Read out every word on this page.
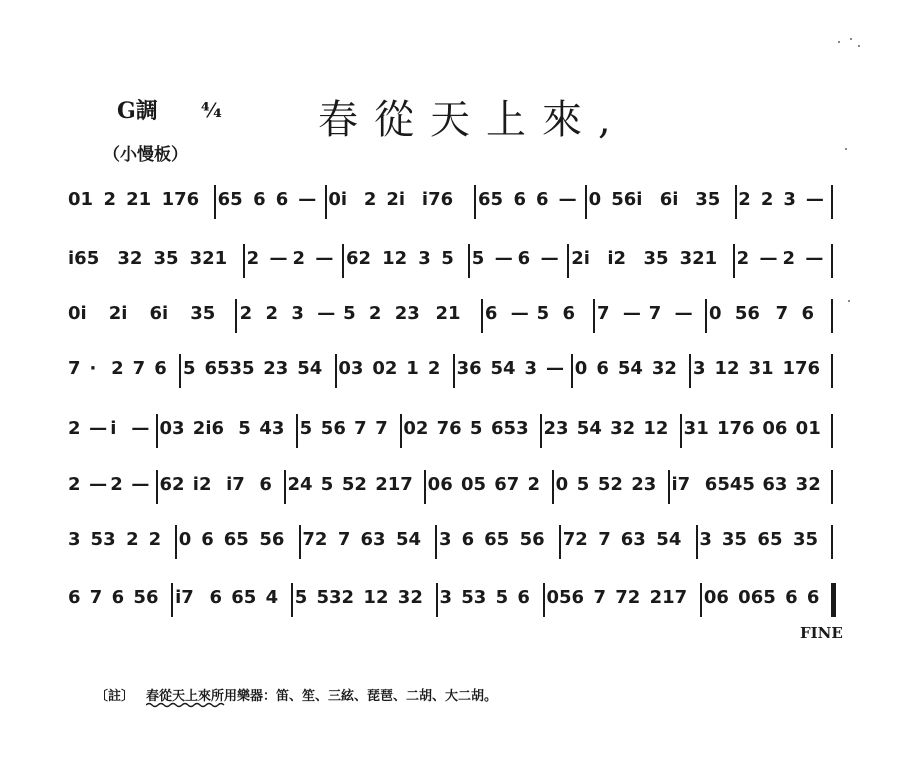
G調 ⁴⁄₄ 春從天上來,
（小慢板）
01 2 21 176 65 6 6 — 0i 2 2i i76 65 6 6 — 0 56i 6i 35 2 2 3 —
i65 32 35 321 2 — 2 — 62 12 3 5 5 — 6 — 2i i2 35 321 2 — 2 —
0i 2i 6i 35 2 2 3 — 5 2 23 21 6 — 5 6 7 — 7 — 0 56 7 6
7 · 2 7 6 5 6535 23 54 03 02 1 2 36 54 3 — 0 6 54 32 3 12 31 176
2 — i — 03 2i6 5 43 5 56 7 7 02 76 5 653 23 54 32 12 31 176 06 01
2 — 2 — 62 i2 i7 6 24 5 52 217 06 05 67 2 0 5 52 23 i7 6545 63 32
3 53 2 2 0 6 65 56 72 7 63 54 3 6 65 56 72 7 63 54 3 35 65 35
6 7 6 56 i7 6 65 4 5 532 12 32 3 53 5 6 056 7 72 217 06 065 6 6
FINE
〔註〕 春從天上來所用樂器：笛、笙、三絃、琵琶、二胡、大二胡。
